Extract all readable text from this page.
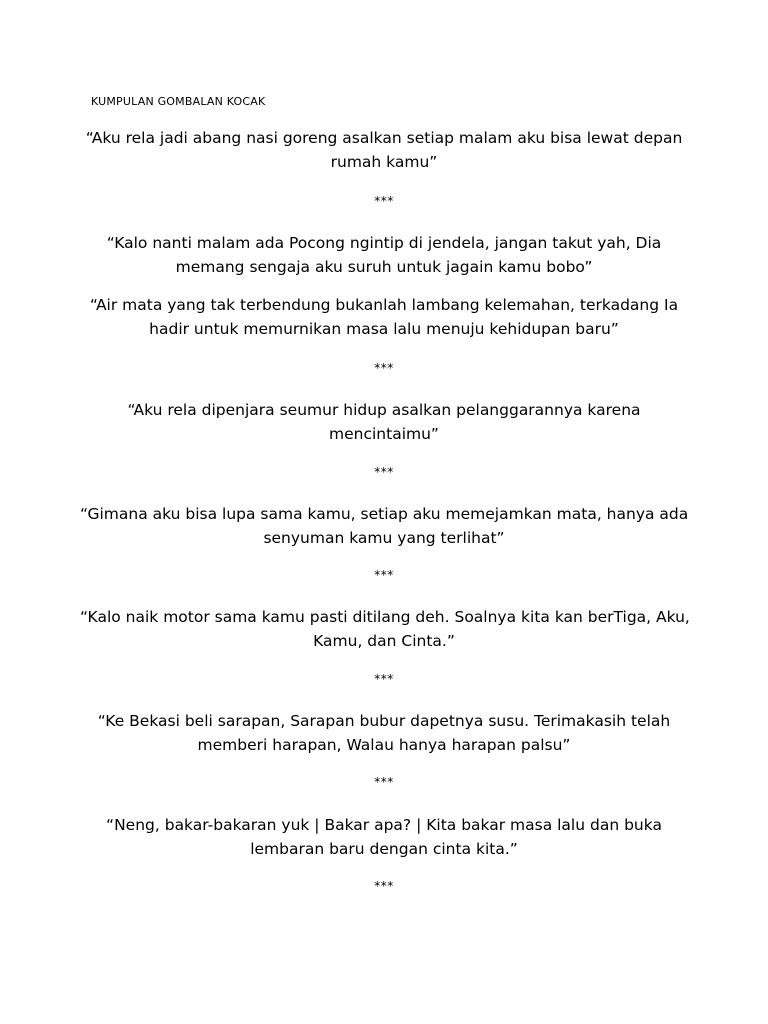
KUMPULAN GOMBALAN KOCAK
“Aku rela jadi abang nasi goreng asalkan setiap malam aku bisa lewat depan
rumah kamu”
***
“Kalo nanti malam ada Pocong ngintip di jendela, jangan takut yah, Dia
memang sengaja aku suruh untuk jagain kamu bobo”
“Air mata yang tak terbendung bukanlah lambang kelemahan, terkadang Ia
hadir untuk memurnikan masa lalu menuju kehidupan baru”
***
“Aku rela dipenjara seumur hidup asalkan pelanggarannya karena
mencintaimu”
***
“Gimana aku bisa lupa sama kamu, setiap aku memejamkan mata, hanya ada
senyuman kamu yang terlihat”
***
“Kalo naik motor sama kamu pasti ditilang deh. Soalnya kita kan berTiga, Aku,
Kamu, dan Cinta.”
***
“Ke Bekasi beli sarapan, Sarapan bubur dapetnya susu. Terimakasih telah
memberi harapan, Walau hanya harapan palsu”
***
“Neng, bakar-bakaran yuk | Bakar apa? | Kita bakar masa lalu dan buka
lembaran baru dengan cinta kita.”
***
